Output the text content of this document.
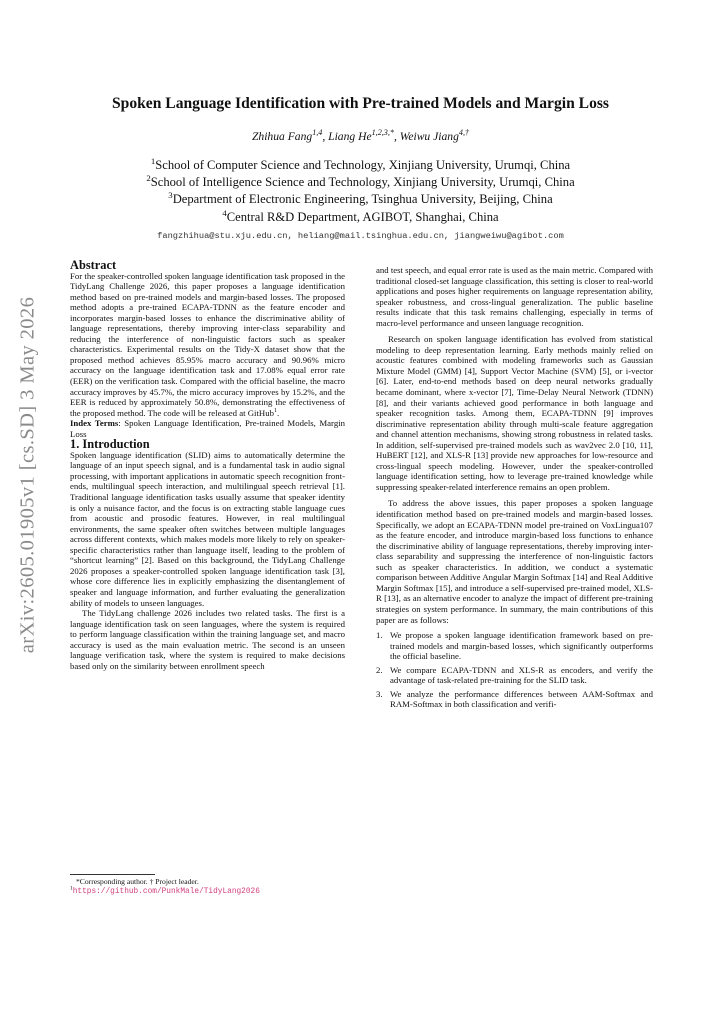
arXiv:2605.01905v1 [cs.SD] 3 May 2026
Spoken Language Identification with Pre-trained Models and Margin Loss
Zhihua Fang$^{1,4}$, Liang $He^{1,2,3,*}$, Weiwu Jiang$^{4,\dagger}$
$^1$School of Computer Science and Technology, Xinjiang University, Urumqi, China
$^2$School of Intelligence Science and Technology, Xinjiang University, Urumqi, China
$^3$Department of Electronic Engineering, Tsinghua University, Beijing, China
$^4$Central R&D Department, AGIBOT, Shanghai, China
fangzhihua@stu.xju.edu.cn, heliang@mail.tsinghua.edu.cn, jiangweiwu@agibot.com

Abstract

For the speaker-controlled spoken language identification task proposed in the TidyLang Challenge 2026, this paper proposes a language identification method based on pre-trained models and margin-based losses. The proposed method adopts a pre-trained ECAPA-TDNN as the feature encoder and incorporates margin-based losses to enhance the discriminative ability of language representations, thereby improving inter-class separability and reducing the interference of non-linguistic factors such as speaker characteristics. Experimental results on the Tidy-X dataset show that the proposed method achieves 85.95% macro accuracy and 90.96% micro accuracy on the language identification task and 17.08% equal error rate (EER) on the verification task. Compared with the official baseline, the macro accuracy improves by 45.7%, the micro accuracy improves by 15.2%, and the EER is reduced by approximately 50.8%, demonstrating the effectiveness of the proposed method. The code will be released at GitHub$^1$.

Index Terms: Spoken Language Identification, Pre-trained Models, Margin Loss

1. Introduction

Spoken language identification (SLID) aims to automatically determine the language of an input speech signal, and is a fundamental task in audio signal processing, with important applications in automatic speech recognition front-ends, multilingual speech interaction, and multilingual speech retrieval [1]. Traditional language identification tasks usually assume that speaker identity is only a nuisance factor, and the focus is on extracting stable language cues from acoustic and prosodic features. However, in real multilingual environments, the same speaker often switches between multiple languages across different contexts, which makes models more likely to rely on speaker-specific characteristics rather than language itself, leading to the problem of “shortcut learning” [2]. Based on this background, the TidyLang Challenge 2026 proposes a speaker-controlled spoken language identification task [3], whose core difference lies in explicitly emphasizing the disentanglement of speaker and language information, and further evaluating the generalization ability of models to unseen languages.

The TidyLang challenge 2026 includes two related tasks. The first is a language identification task on seen languages, where the system is required to perform language classification within the training language set, and macro accuracy is used as the main evaluation metric. The second is an unseen language verification task, where the system is required to make decisions based only on the similarity between enrollment speech

and test speech, and equal error rate is used as the main metric. Compared with traditional closed-set language classification, this setting is closer to real-world applications and poses higher requirements on language representation ability, speaker robustness, and cross-lingual generalization. The public baseline results indicate that this task remains challenging, especially in terms of macro-level performance and unseen language recognition.

Research on spoken language identification has evolved from statistical modeling to deep representation learning. Early methods mainly relied on acoustic features combined with modeling frameworks such as Gaussian Mixture Model (GMM) [4], Support Vector Machine (SVM) [5], or i-vector [6]. Later, end-to-end methods based on deep neural networks gradually became dominant, where x-vector [7], Time-Delay Neural Network (TDNN) [8], and their variants achieved good performance in both language and speaker recognition tasks. Among them, ECAPA-TDNN [9] improves discriminative representation ability through multi-scale feature aggregation and channel attention mechanisms, showing strong robustness in related tasks. In addition, self-supervised pre-trained models such as wav2vec 2.0 [10, 11], HuBERT [12], and XLS-R [13] provide new approaches for low-resource and cross-lingual speech modeling. However, under the speaker-controlled language identification setting, how to leverage pre-trained knowledge while suppressing speaker-related interference remains an open problem.

To address the above issues, this paper proposes a spoken language identification method based on pre-trained models and margin-based losses. Specifically, we adopt an ECAPA-TDNN model pre-trained on VoxLingua107 as the feature encoder, and introduce margin-based loss functions to enhance the discriminative ability of language representations, thereby improving inter-class separability and suppressing the interference of non-linguistic factors such as speaker characteristics. In addition, we conduct a systematic comparison between Additive Angular Margin Softmax [14] and Real Additive Margin Softmax [15], and introduce a self-supervised pre-trained model, XLS-R [13], as an alternative encoder to analyze the impact of different pre-training strategies on system performance. In summary, the main contributions of this paper are as follows:

1. We propose a spoken language identification framework based on pre-trained models and margin-based losses, which significantly outperforms the official baseline.
2. We compare ECAPA-TDNN and XLS-R as encoders, and verify the advantage of task-related pre-training for the SLID task.
3. We analyze the performance differences between AAM-Softmax and RAM-Softmax in both classification and verifi-
*Corresponding author. † Project leader.
$^1$https://github.com/PunkMale/TidyLang2026
